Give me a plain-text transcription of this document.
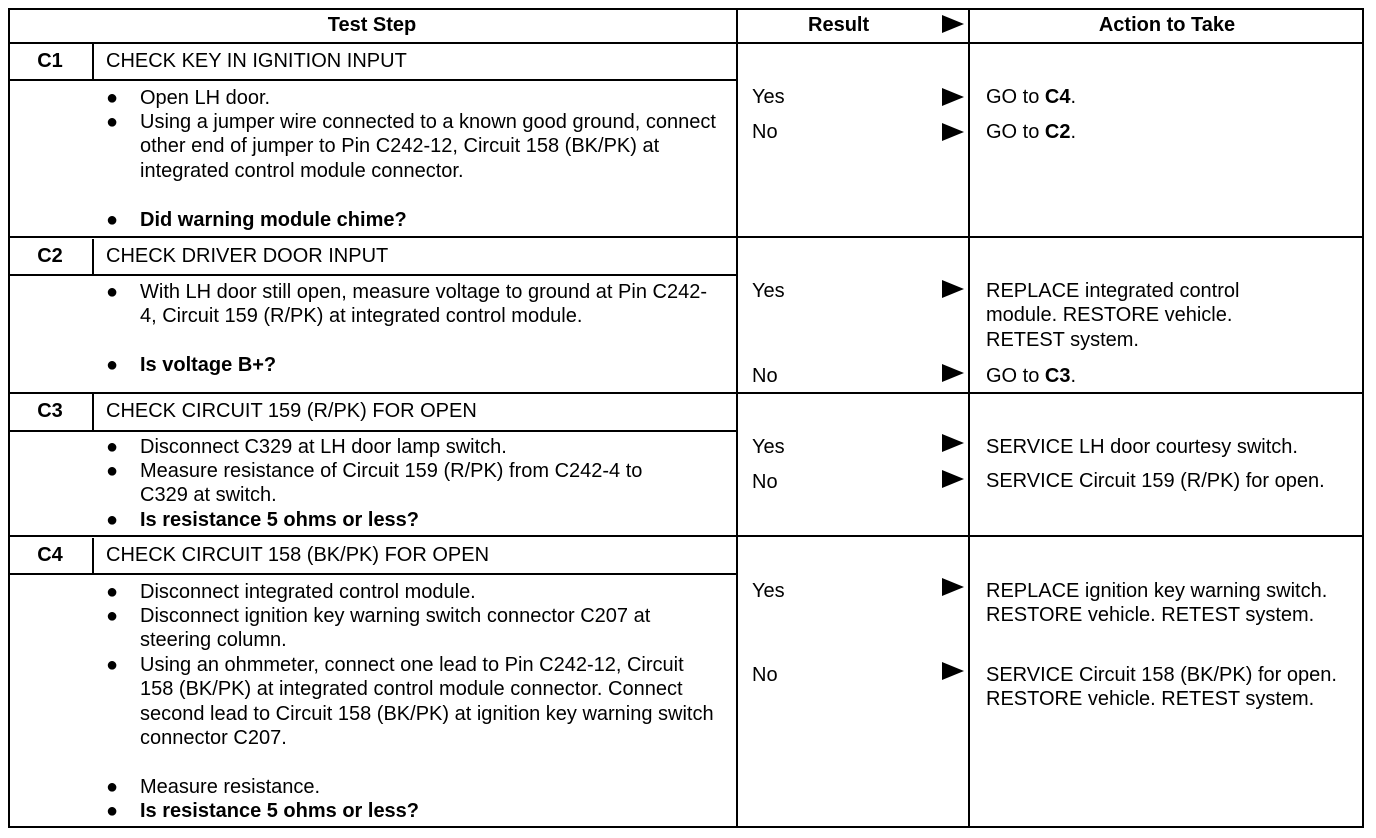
Test Step	Result	Action to Take
C1	CHECK KEY IN IGNITION INPUT
● Open LH door.
● Using a jumper wire connected to a known good ground, connect other end of jumper to Pin C242-12, Circuit 158 (BK/PK) at integrated control module connector.
● Did warning module chime?
Yes	GO to C4.
No	GO to C2.
C2	CHECK DRIVER DOOR INPUT
● With LH door still open, measure voltage to ground at Pin C242-4, Circuit 159 (R/PK) at integrated control module.
● Is voltage B+?
Yes	REPLACE integrated control module. RESTORE vehicle. RETEST system.
No	GO to C3.
C3	CHECK CIRCUIT 159 (R/PK) FOR OPEN
● Disconnect C329 at LH door lamp switch.
● Measure resistance of Circuit 159 (R/PK) from C242-4 to C329 at switch.
● Is resistance 5 ohms or less?
Yes	SERVICE LH door courtesy switch.
No	SERVICE Circuit 159 (R/PK) for open.
C4	CHECK CIRCUIT 158 (BK/PK) FOR OPEN
● Disconnect integrated control module.
● Disconnect ignition key warning switch connector C207 at steering column.
● Using an ohmmeter, connect one lead to Pin C242-12, Circuit 158 (BK/PK) at integrated control module connector. Connect second lead to Circuit 158 (BK/PK) at ignition key warning switch connector C207.
● Measure resistance.
● Is resistance 5 ohms or less?
Yes	REPLACE ignition key warning switch. RESTORE vehicle. RETEST system.
No	SERVICE Circuit 158 (BK/PK) for open. RESTORE vehicle. RETEST system.
